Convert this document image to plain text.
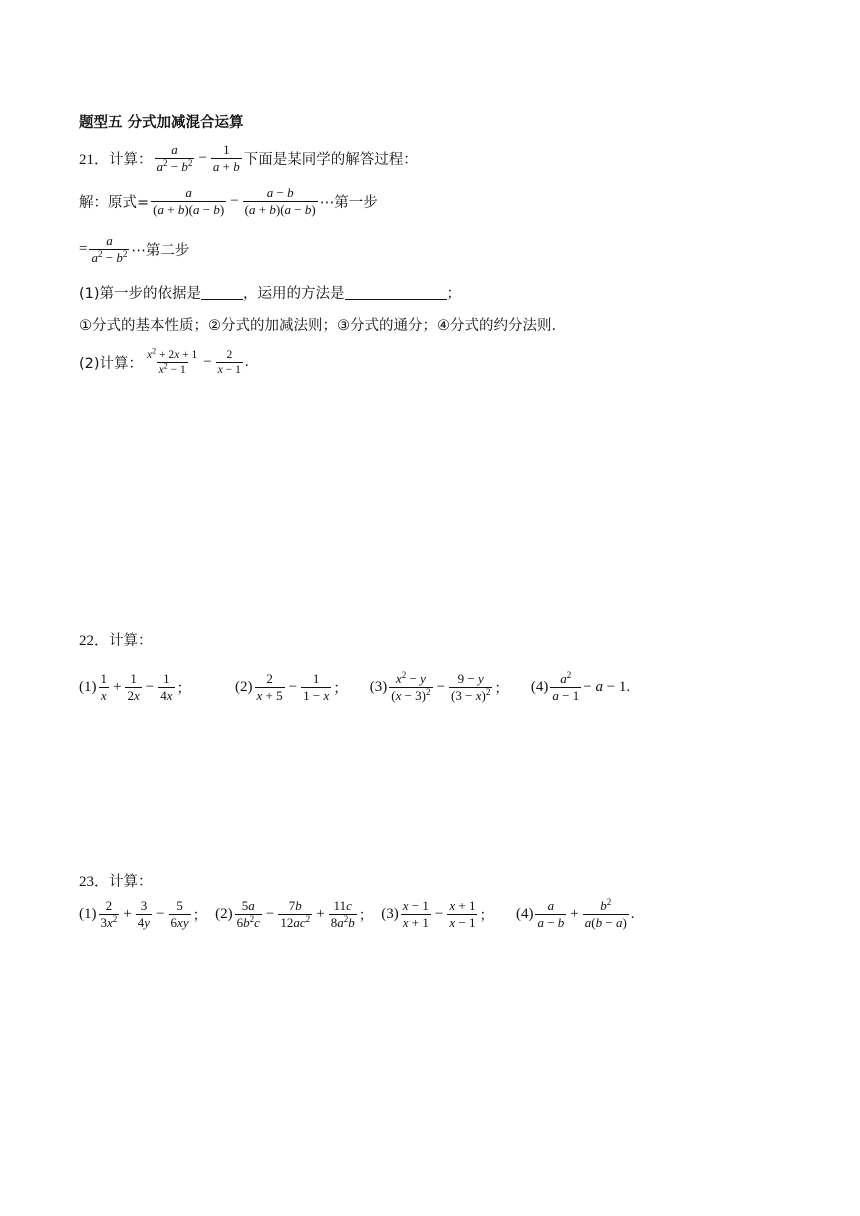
题型五 分式加减混合运算
21． 计算： $\frac{a}{a^2 - b^2} - \frac{1}{a + b}$ 下面是某同学的解答过程：
解：原式= $\frac{a}{(a + b)(a - b)} - \frac{a - b}{(a + b)(a - b)}$ ⋯第一步
= $\frac{a}{a^2 - b^2}$ ⋯第二步
(1)第一步的依据是	，运用的方法是	；
①分式的基本性质；②分式的加减法则；③分式的通分；④分式的约分法则.
(2)计算： $\frac{x^2 + 2x + 1}{x^2 - 1} - \frac{2}{x - 1}$ .
22． 计算：
$(1) \frac{1}{x} + \frac{1}{2x} - \frac{1}{4x}$ ；	$(2) \frac{2}{x + 5} - \frac{1}{1 - x}$ ； $(3) \frac{x^2 - y}{(x - 3)^2} - \frac{9 - y}{(3 - x)^2}$ ； $(4) \frac{a^2}{a - 1} - a - 1$ .
23． 计算：
$(1) \frac{2}{3x^2} + \frac{3}{4y} - \frac{5}{6xy}$ ； $(2) \frac{5a}{6b^2c} - \frac{7b}{12ac^2} + \frac{11c}{8a^2b}$ ； $(3) \frac{x - 1}{x + 1} - \frac{x + 1}{x - 1}$ ； $(4) \frac{a}{a - b} + \frac{b^2}{a(b - a)}$ .
